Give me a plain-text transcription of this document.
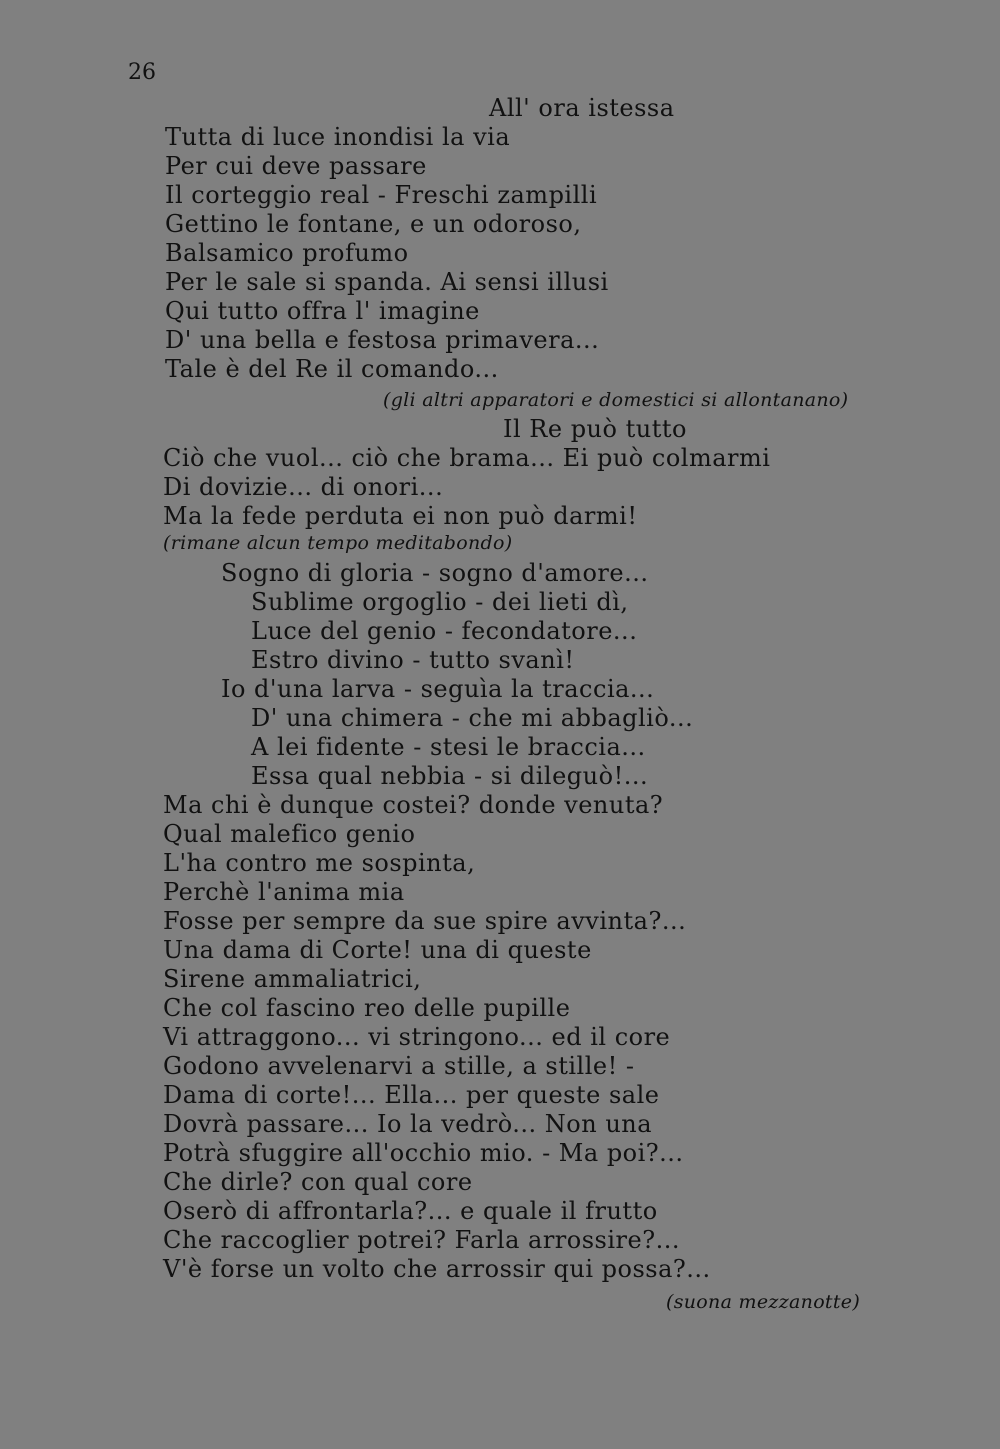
26
All' ora istessa
Tutta di luce inondisi la via
Per cui deve passare
Il corteggio real - Freschi zampilli
Gettino le fontane, e un odoroso,
Balsamico profumo
Per le sale si spanda. Ai sensi illusi
Qui tutto offra l' imagine
D' una bella e festosa primavera...
Tale è del Re il comando...
(gli altri apparatori e domestici si allontanano)
Il Re può tutto
Ciò che vuol... ciò che brama... Ei può colmarmi
Di dovizie... di onori...
Ma la fede perduta ei non può darmi!
(rimane alcun tempo meditabondo)
Sogno di gloria - sogno d'amore...
Sublime orgoglio - dei lieti dì,
Luce del genio - fecondatore...
Estro divino - tutto svanì!
Io d'una larva - seguìa la traccia...
D' una chimera - che mi abbagliò...
A lei fidente - stesi le braccia...
Essa qual nebbia - si dileguò!...
Ma chi è dunque costei? donde venuta?
Qual malefico genio
L'ha contro me sospinta,
Perchè l'anima mia
Fosse per sempre da sue spire avvinta?...
Una dama di Corte! una di queste
Sirene ammaliatrici,
Che col fascino reo delle pupille
Vi attraggono... vi stringono... ed il core
Godono avvelenarvi a stille, a stille! -
Dama di corte!... Ella... per queste sale
Dovrà passare... Io la vedrò... Non una
Potrà sfuggire all'occhio mio. - Ma poi?...
Che dirle? con qual core
Oserò di affrontarla?... e quale il frutto
Che raccoglier potrei? Farla arrossire?...
V'è forse un volto che arrossir qui possa?...
(suona mezzanotte)
